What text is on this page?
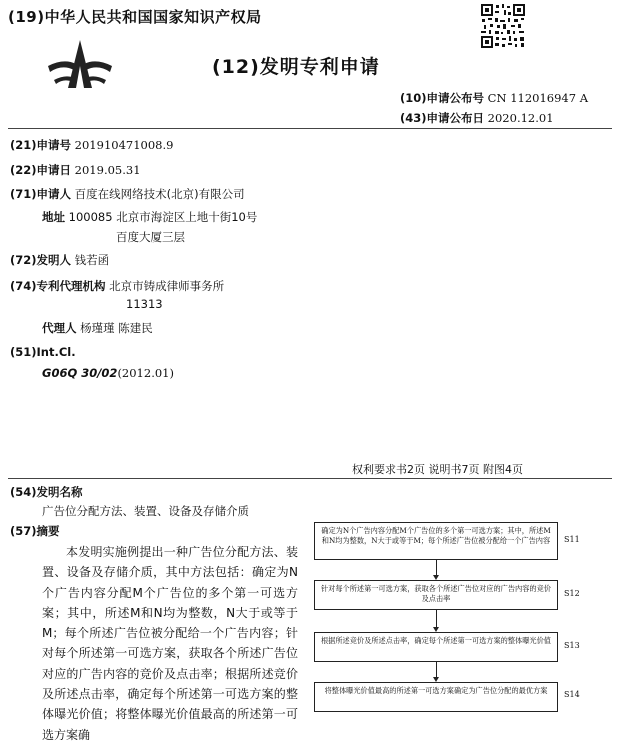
(19)中华人民共和国国家知识产权局
(12)发明专利申请
(10)申请公布号 CN 112016947 A
(43)申请公布日 2020.12.01
(21)申请号 201910471008.9
(22)申请日 2019.05.31
(71)申请人 百度在线网络技术(北京)有限公司
地址 100085 北京市海淀区上地十街10号
百度大厦三层
(72)发明人 钱若函
(74)专利代理机构 北京市铸成律师事务所
11313
代理人 杨瑾瑾 陈建民
(51)Int.Cl.
G06Q 30/02(2012.01)
权利要求书2页 说明书7页 附图4页
(54)发明名称
广告位分配方法、装置、设备及存储介质
(57)摘要
本发明实施例提出一种广告位分配方法、装置、设备及存储介质，其中方法包括：确定为N个广告内容分配M个广告位的多个第一可选方案；其中，所述M和N均为整数，N大于或等于M；每个所述广告位被分配给一个广告内容；针对每个所述第一可选方案，获取各个所述广告位对应的广告内容的竞价及点击率；根据所述竞价及所述点击率，确定每个所述第一可选方案的整体曝光价值；将整体曝光价值最高的所述第一可选方案确
确定为N个广告内容分配M个广告位的多个第一可选方案；其中，所述M和N均为整数，N大于或等于M；每个所述广告位被分配给一个广告内容	S11
针对每个所述第一可选方案，获取各个所述广告位对应的广告内容的竞价及点击率
S12
根据所述竞价及所述点击率，确定每个所述第一可选方案的整体曝光价值
S13
将整体曝光价值最高的所述第一可选方案确定为广告位分配的最优方案	S14
